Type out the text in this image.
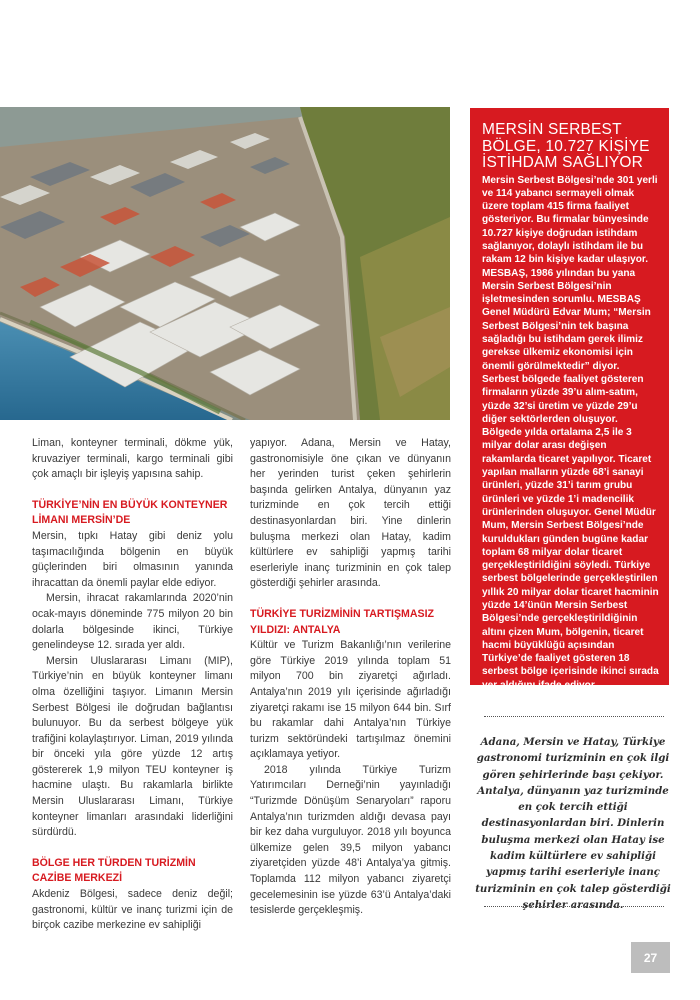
MERSİN SERBEST BÖLGE, 10.727 KİŞİYE İSTİHDAM SAĞLIYOR

Mersin Serbest Bölgesi’nde 301 yerli ve 114 yabancı sermayeli olmak üzere toplam 415 firma faaliyet gösteriyor. Bu firmalar bünyesinde 10.727 kişiye doğrudan istihdam sağlanıyor, dolaylı istihdam ile bu rakam 12 bin kişiye kadar ulaşıyor. MESBAŞ, 1986 yılından bu yana Mersin Serbest Bölgesi’nin işletmesinden sorumlu. MESBAŞ Genel Müdürü Edvar Mum; “Mersin Serbest Bölgesi’nin tek başına sağladığı bu istihdam gerek ilimiz gerekse ülkemiz ekonomisi için önemli görülmektedir” diyor. Serbest bölgede faaliyet gösteren firmaların yüzde 39’u alım-satım, yüzde 32’si üretim ve yüzde 29’u diğer sektörlerden oluşuyor. Bölgede yılda ortalama 2,5 ile 3 milyar dolar arası değişen rakamlarda ticaret yapılıyor. Ticaret yapılan malların yüzde 68’i sanayi ürünleri, yüzde 31’i tarım grubu ürünleri ve yüzde 1’i madencilik ürünlerinden oluşuyor. Genel Müdür Mum, Mersin Serbest Bölgesi’nde kuruldukları günden bugüne kadar toplam 68 milyar dolar ticaret gerçekleştirildiğini söyledi. Türkiye serbest bölgelerinde gerçekleştirilen yıllık 20 milyar dolar ticaret hacminin yüzde 14’ünün Mersin Serbest Bölgesi’nde gerçekleştirildiğinin altını çizen Mum, bölgenin, ticaret hacmi büyüklüğü açısından Türkiye’de faaliyet gösteren 18 serbest bölge içerisinde ikinci sırada yer aldığını ifade ediyor.

Liman, konteyner terminali, dökme yük, kruvaziyer terminali, kargo terminali gibi çok amaçlı bir işleyiş yapısına sahip.

TÜRKİYE’NİN EN BÜYÜK KONTEYNER LİMANI MERSİN’DE

Mersin, tıpkı Hatay gibi deniz yolu taşımacılığında bölgenin en büyük güçlerinden biri olmasının yanında ihracattan da önemli paylar elde ediyor.

Mersin, ihracat rakamlarında 2020’nin ocak-mayıs döneminde 775 milyon 20 bin dolarla bölgesinde ikinci, Türkiye genelindeyse 12. sırada yer aldı.

Mersin Uluslararası Limanı (MIP), Türkiye’nin en büyük konteyner limanı olma özelliğini taşıyor. Limanın Mersin Serbest Bölgesi ile doğrudan bağlantısı bulunuyor. Bu da serbest bölgeye yük trafiğini kolaylaştırıyor. Liman, 2019 yılında bir önceki yıla göre yüzde 12 artış göstererek 1,9 milyon TEU konteyner iş hacmine ulaştı. Bu rakamlarla birlikte Mersin Uluslararası Limanı, Türkiye konteyner limanları arasındaki liderliğini sürdürdü.

BÖLGE HER TÜRDEN TURİZMİN CAZİBE MERKEZİ

Akdeniz Bölgesi, sadece deniz değil; gastronomi, kültür ve inanç turizmi için de birçok cazibe merkezine ev sahipliği

yapıyor. Adana, Mersin ve Hatay, gastronomisiyle öne çıkan ve dünyanın her yerinden turist çeken şehirlerin başında gelirken Antalya, dünyanın yaz turizminde en çok tercih ettiği destinasyonlardan biri. Yine dinlerin buluşma merkezi olan Hatay, kadim kültürlere ev sahipliği yapmış tarihi eserleriyle inanç turizminin en çok talep gösterdiği şehirler arasında.

TÜRKİYE TURİZMİNİN TARTIŞMASIZ YILDIZI: ANTALYA

Kültür ve Turizm Bakanlığı’nın verilerine göre Türkiye 2019 yılında toplam 51 milyon 700 bin ziyaretçi ağırladı. Antalya’nın 2019 yılı içerisinde ağırladığı ziyaretçi rakamı ise 15 milyon 644 bin. Sırf bu rakamlar dahi Antalya’nın Türkiye turizm sektöründeki tartışılmaz önemini açıklamaya yetiyor.

2018 yılında Türkiye Turizm Yatırımcıları Derneği’nin yayınladığı “Turizmde Dönüşüm Senaryoları” raporu Antalya’nın turizmden aldığı devasa payı bir kez daha vurguluyor. 2018 yılı boyunca ülkemize gelen 39,5 milyon yabancı ziyaretçiden yüzde 48’i Antalya’ya gitmiş. Toplamda 112 milyon yabancı ziyaretçi gecelemesinin ise yüzde 63’ü Antalya’daki tesislerde gerçekleşmiş.

Adana, Mersin ve Hatay, Türkiye gastronomi turizminin en çok ilgi gören şehirlerinde başı çekiyor. Antalya, dünyanın yaz turizminde en çok tercih ettiği destinasyonlardan biri. Dinlerin buluşma merkezi olan Hatay ise kadim kültürlere ev sahipliği yapmış tarihi eserleriyle inanç turizminin en çok talep gösterdiği şehirler arasında.

27
